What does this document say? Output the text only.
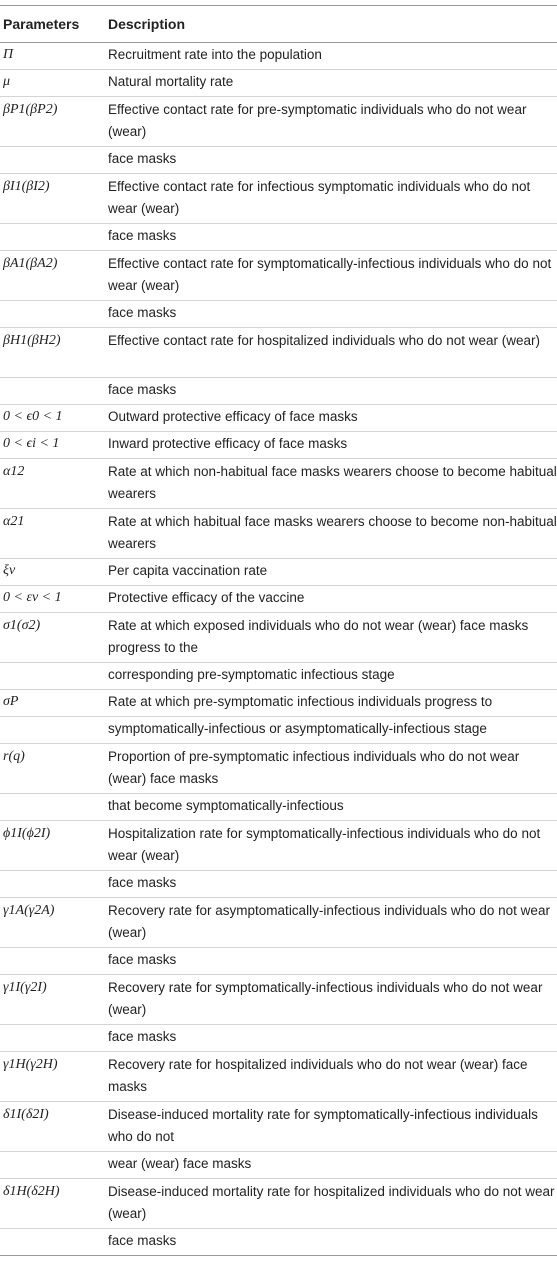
Parameters	Description
Π	Recruitment rate into the population
μ	Natural mortality rate
βP1(βP2)	Effective contact rate for pre-symptomatic individuals who do not wear (wear)
	face masks
βI1(βI2)	Effective contact rate for infectious symptomatic individuals who do not wear (wear)
	face masks
βA1(βA2)	Effective contact rate for symptomatically-infectious individuals who do not wear (wear)
	face masks
βH1(βH2)	Effective contact rate for hospitalized individuals who do not wear (wear)
	face masks
0 < ϵ0 < 1	Outward protective efficacy of face masks
0 < ϵi < 1	Inward protective efficacy of face masks
α12	Rate at which non-habitual face masks wearers choose to become habitual wearers
α21	Rate at which habitual face masks wearers choose to become non-habitual wearers
ξv	Per capita vaccination rate
0 < εv < 1	Protective efficacy of the vaccine
σ1(σ2)	Rate at which exposed individuals who do not wear (wear) face masks progress to the
	corresponding pre-symptomatic infectious stage
σP	Rate at which pre-symptomatic infectious individuals progress to
	symptomatically-infectious or asymptomatically-infectious stage
r(q)	Proportion of pre-symptomatic infectious individuals who do not wear (wear) face masks
	that become symptomatically-infectious
ϕ1I(ϕ2I)	Hospitalization rate for symptomatically-infectious individuals who do not wear (wear)
	face masks
γ1A(γ2A)	Recovery rate for asymptomatically-infectious individuals who do not wear (wear)
	face masks
γ1I(γ2I)	Recovery rate for symptomatically-infectious individuals who do not wear (wear)
	face masks
γ1H(γ2H)	Recovery rate for hospitalized individuals who do not wear (wear) face masks
δ1I(δ2I)	Disease-induced mortality rate for symptomatically-infectious individuals who do not
	wear (wear) face masks
δ1H(δ2H)	Disease-induced mortality rate for hospitalized individuals who do not wear (wear)
	face masks
